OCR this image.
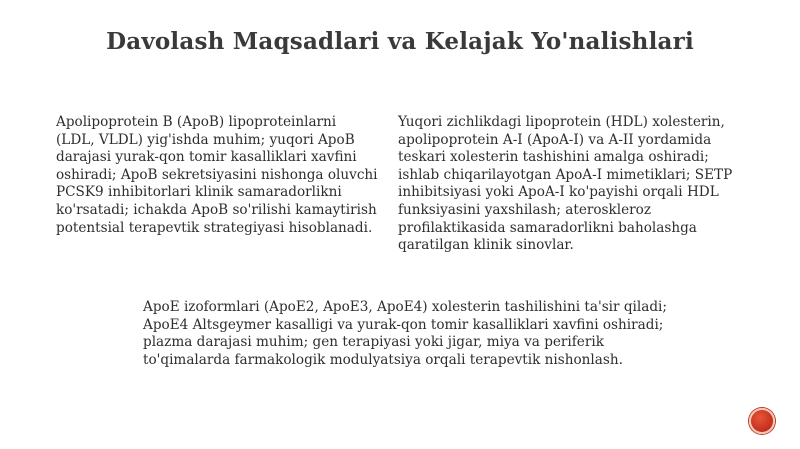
Davolash Maqsadlari va Kelajak Yo'nalishlari
Apolipoprotein B (ApoB) lipoproteinlarni (LDL, VLDL) yig'ishda muhim; yuqori ApoB darajasi yurak-qon tomir kasalliklari xavfini oshiradi; ApoB sekretsiyasini nishonga oluvchi PCSK9 inhibitorlari klinik samaradorlikni ko'rsatadi; ichakda ApoB so'rilishi kamaytirish potentsial terapevtik strategiyasi hisoblanadi.
Yuqori zichlikdagi lipoprotein (HDL) xolesterin, apolipoprotein A-I (ApoA-I) va A-II yordamida teskari xolesterin tashishini amalga oshiradi; ishlab chiqarilayotgan ApoA-I mimetiklari; SETP inhibitsiyasi yoki ApoA-I ko'payishi orqali HDL funksiyasini yaxshilash; ateroskleroz profilaktikasida samaradorlikni baholashga qaratilgan klinik sinovlar.
ApoE izoformlari (ApoE2, ApoE3, ApoE4) xolesterin tashilishini ta'sir qiladi; ApoE4 Altsgeymer kasalligi va yurak-qon tomir kasalliklari xavfini oshiradi; plazma darajasi muhim; gen terapiyasi yoki jigar, miya va periferik to'qimalarda farmakologik modulyatsiya orqali terapevtik nishonlash.
